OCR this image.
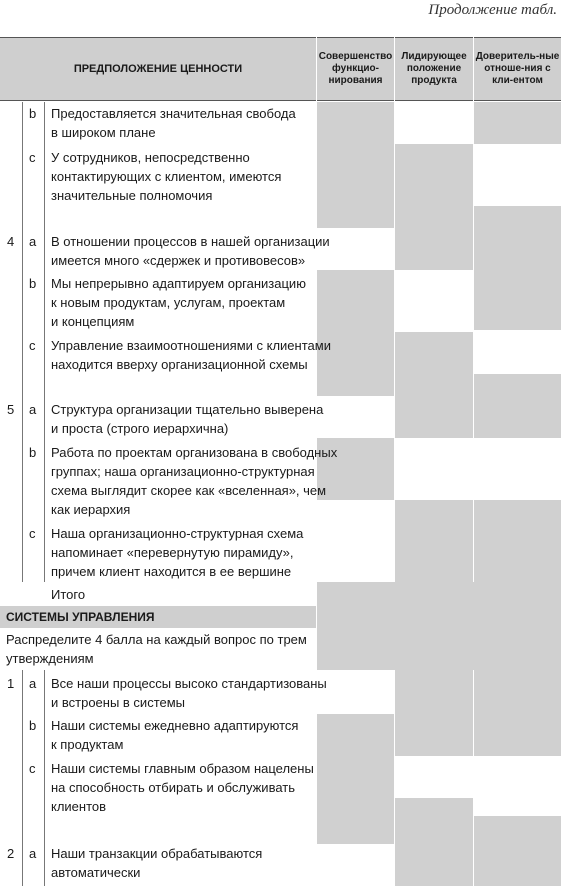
Продолжение табл.
ПРЕДПОЛОЖЕНИЕ ЦЕННОСТИ
Совершенство функцио-нирования
Лидирующее положение продукта
Доверитель-ные отноше-ния с кли-ентом
СИСТЕМЫ УПРАВЛЕНИЯ
b Предоставляется значительная свобода
в широком плане
c У сотрудников, непосредственно
контактирующих с клиентом, имеются
значительные полномочия
4 a В отношении процессов в нашей организации
имеется много «сдержек и противовесов»
b Мы непрерывно адаптируем организацию
к новым продуктам, услугам, проектам
и концепциям
c Управление взаимоотношениями с клиентами
находится вверху организационной схемы
5 a Структура организации тщательно выверена
и проста (строго иерархична)
b Работа по проектам организована в свободных
группах; наша организационно-структурная
схема выглядит скорее как «вселенная», чем
как иерархия
c Наша организационно-структурная схема
напоминает «перевернутую пирамиду»,
причем клиент находится в ее вершине
Итого
Распределите 4 балла на каждый вопрос по трем
утверждениям
1 a Все наши процессы высоко стандартизованы
и встроены в системы
b Наши системы ежедневно адаптируются
к продуктам
c Наши системы главным образом нацелены
на способность отбирать и обслуживать
клиентов
2 a Наши транзакции обрабатываются
автоматически
